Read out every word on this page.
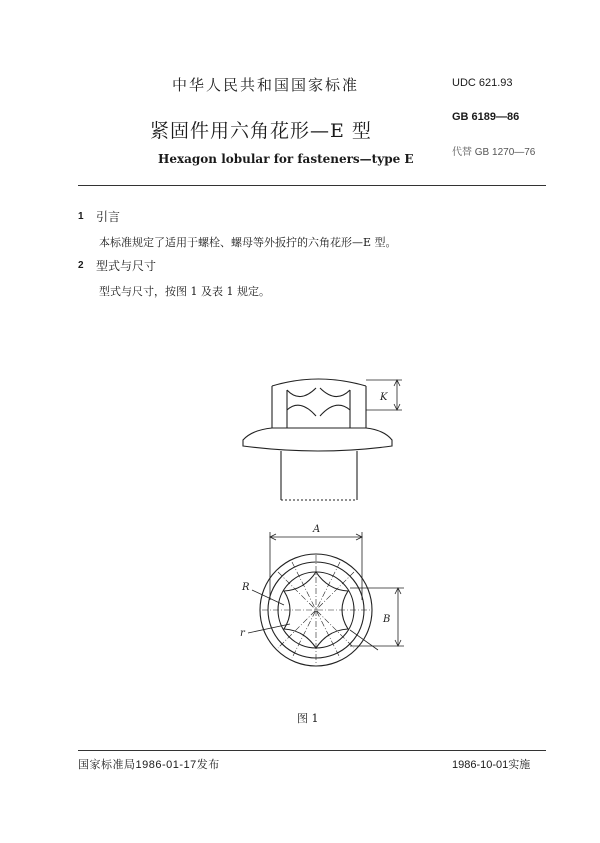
中华人民共和国国家标准	UDC 621.93
紧固件用六角花形—E 型
GB 6189—86
Hexagon lobular for fasteners—type E	代替 GB 1270—76
1 引言
本标准规定了适用于螺栓、螺母等外扳拧的六角花形—E 型。
2 型式与尺寸
型式与尺寸，按图 1 及表 1 规定。
K
A
B
R
r
图 1
国家标准局1986-01-17发布	1986-10-01实施
